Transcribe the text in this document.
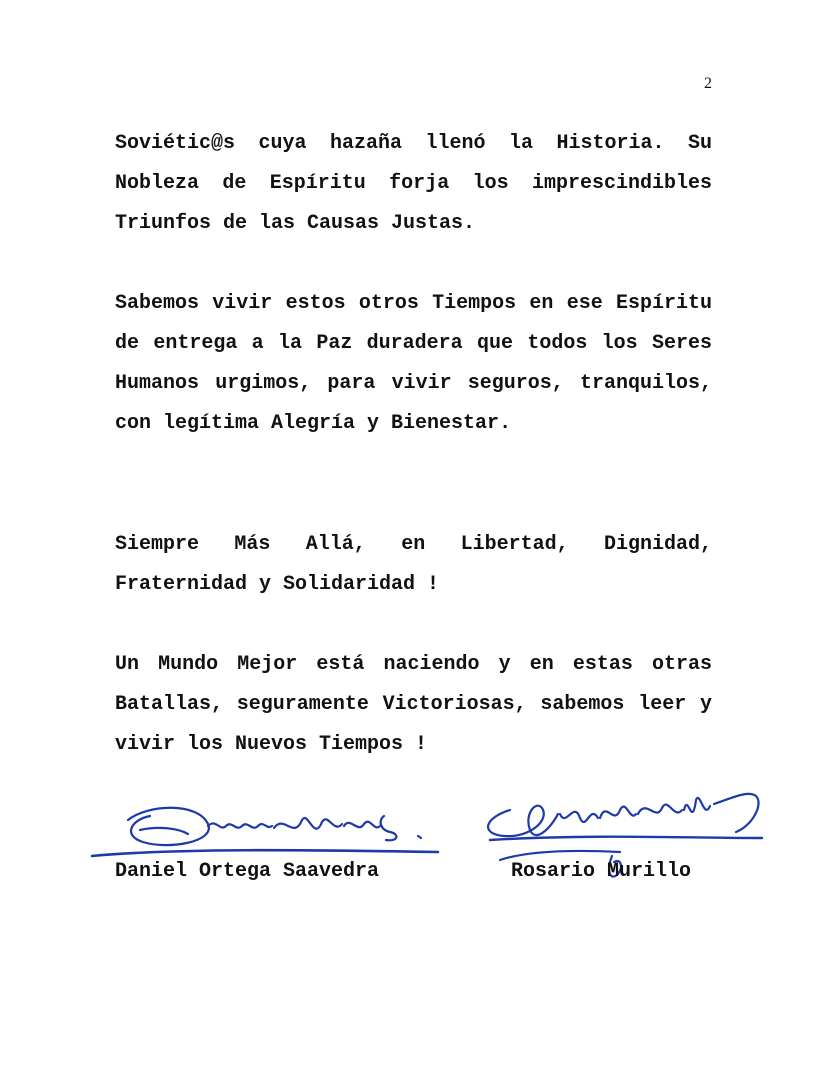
2

Soviétic@s cuya hazaña llenó la Historia. Su Nobleza de Espíritu forja los imprescindibles Triunfos de las Causas Justas.

Sabemos vivir estos otros Tiempos en ese Espíritu de entrega a la Paz duradera que todos los Seres Humanos urgimos, para vivir seguros, tranquilos, con legítima Alegría y Bienestar.

Siempre Más Allá, en Libertad, Dignidad, Fraternidad y Solidaridad !

Un Mundo Mejor está naciendo y en estas otras Batallas, seguramente Victoriosas, sabemos leer y vivir los Nuevos Tiempos !

Daniel Ortega Saavedra	Rosario Murillo
